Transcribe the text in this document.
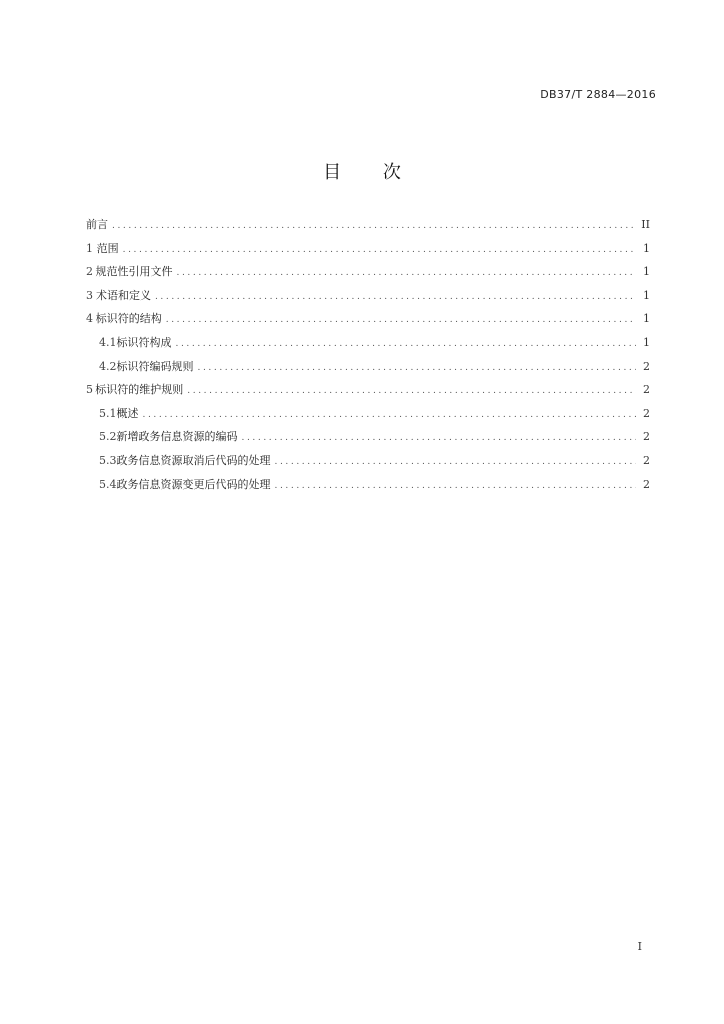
DB37/T 2884—2016
目 次
前言 .....	II
1 范围 .....	1
2 规范性引用文件 .....	1
3 术语和定义 .....	1
4 标识符的结构 .....	1
4.1 标识符构成 .....	1
4.2 标识符编码规则 .....	2
5 标识符的维护规则 .....	2
5.1 概述 .....	2
5.2 新增政务信息资源的编码 .....	2
5.3 政务信息资源取消后代码的处理 .....	2
5.4 政务信息资源变更后代码的处理 .....	2
I
